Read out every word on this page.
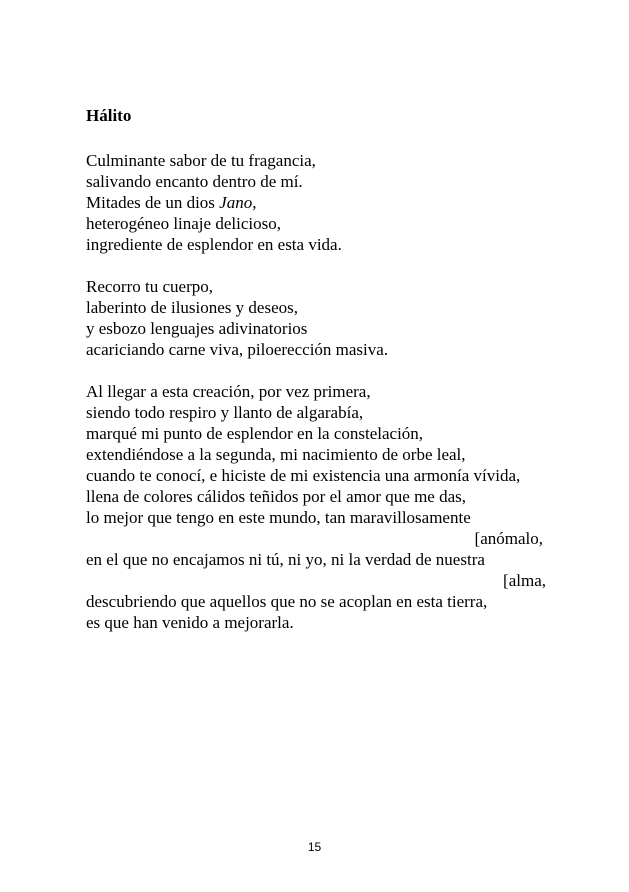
Hálito
Culminante sabor de tu fragancia,
salivando encanto dentro de mí.
Mitades de un dios Jano,
heterogéneo linaje delicioso,
ingrediente de esplendor en esta vida.
Recorro tu cuerpo,
laberinto de ilusiones y deseos,
y esbozo lenguajes adivinatorios
acariciando carne viva, piloerección masiva.
Al llegar a esta creación, por vez primera,
siendo todo respiro y llanto de algarabía,
marqué mi punto de esplendor en la constelación,
extendiéndose a la segunda, mi nacimiento de orbe leal,
cuando te conocí, e hiciste de mi existencia una armonía vívida,
llena de colores cálidos teñidos por el amor que me das,
lo mejor que tengo en este mundo, tan maravillosamente
[anómalo,
en el que no encajamos ni tú, ni yo, ni la verdad de nuestra
[alma,
descubriendo que aquellos que no se acoplan en esta tierra,
es que han venido a mejorarla.
15
